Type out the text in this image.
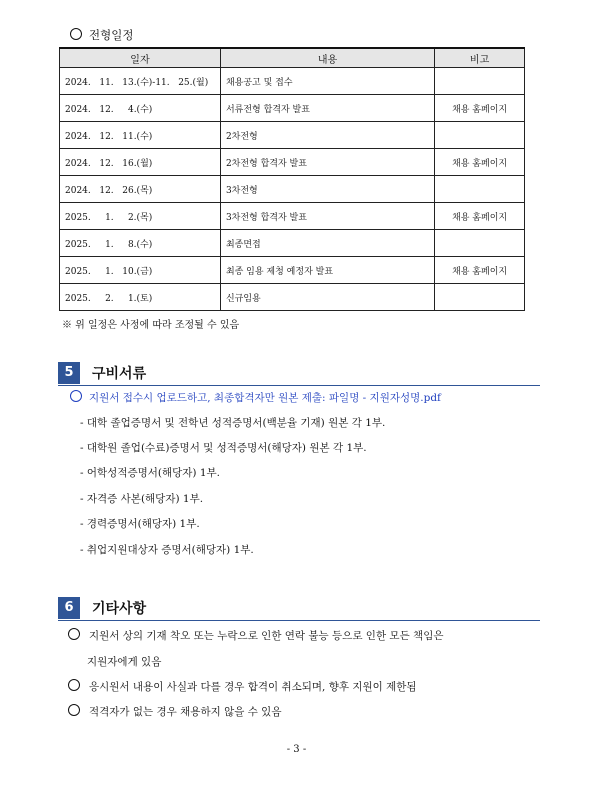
전형일정
일자	내용	비고
2024.   11.   13.(수)-11.   25.(월)	채용공고 및 접수	
2024.   12.     4.(수)	서류전형 합격자 발표	채용 홈페이지
2024.   12.   11.(수)	2차전형	
2024.   12.   16.(월)	2차전형 합격자 발표	채용 홈페이지
2024.   12.   26.(목)	3차전형	
2025.     1.     2.(목)	3차전형 합격자 발표	채용 홈페이지
2025.     1.     8.(수)	최종면접	
2025.     1.   10.(금)	최종 임용 제청 예정자 발표	채용 홈페이지
2025.     2.     1.(토)	신규임용	
※ 위 일정은 사정에 따라 조정될 수 있음
5	구비서류
지원서 접수시 업로드하고, 최종합격자만 원본 제출: 파일명 - 지원자성명.pdf
- 대학 졸업증명서 및 전학년 성적증명서(백분율 기재) 원본 각 1부.
- 대학원 졸업(수료)증명서 및 성적증명서(해당자) 원본 각 1부.
- 어학성적증명서(해당자) 1부.
- 자격증 사본(해당자) 1부.
- 경력증명서(해당자) 1부.
- 취업지원대상자 증명서(해당자) 1부.
6	기타사항
지원서 상의 기재 착오 또는 누락으로 인한 연락 불능 등으로 인한 모든 책임은
지원자에게 있음
응시원서 내용이 사실과 다를 경우 합격이 취소되며, 향후 지원이 제한됨
적격자가 없는 경우 채용하지 않을 수 있음
- 3 -
